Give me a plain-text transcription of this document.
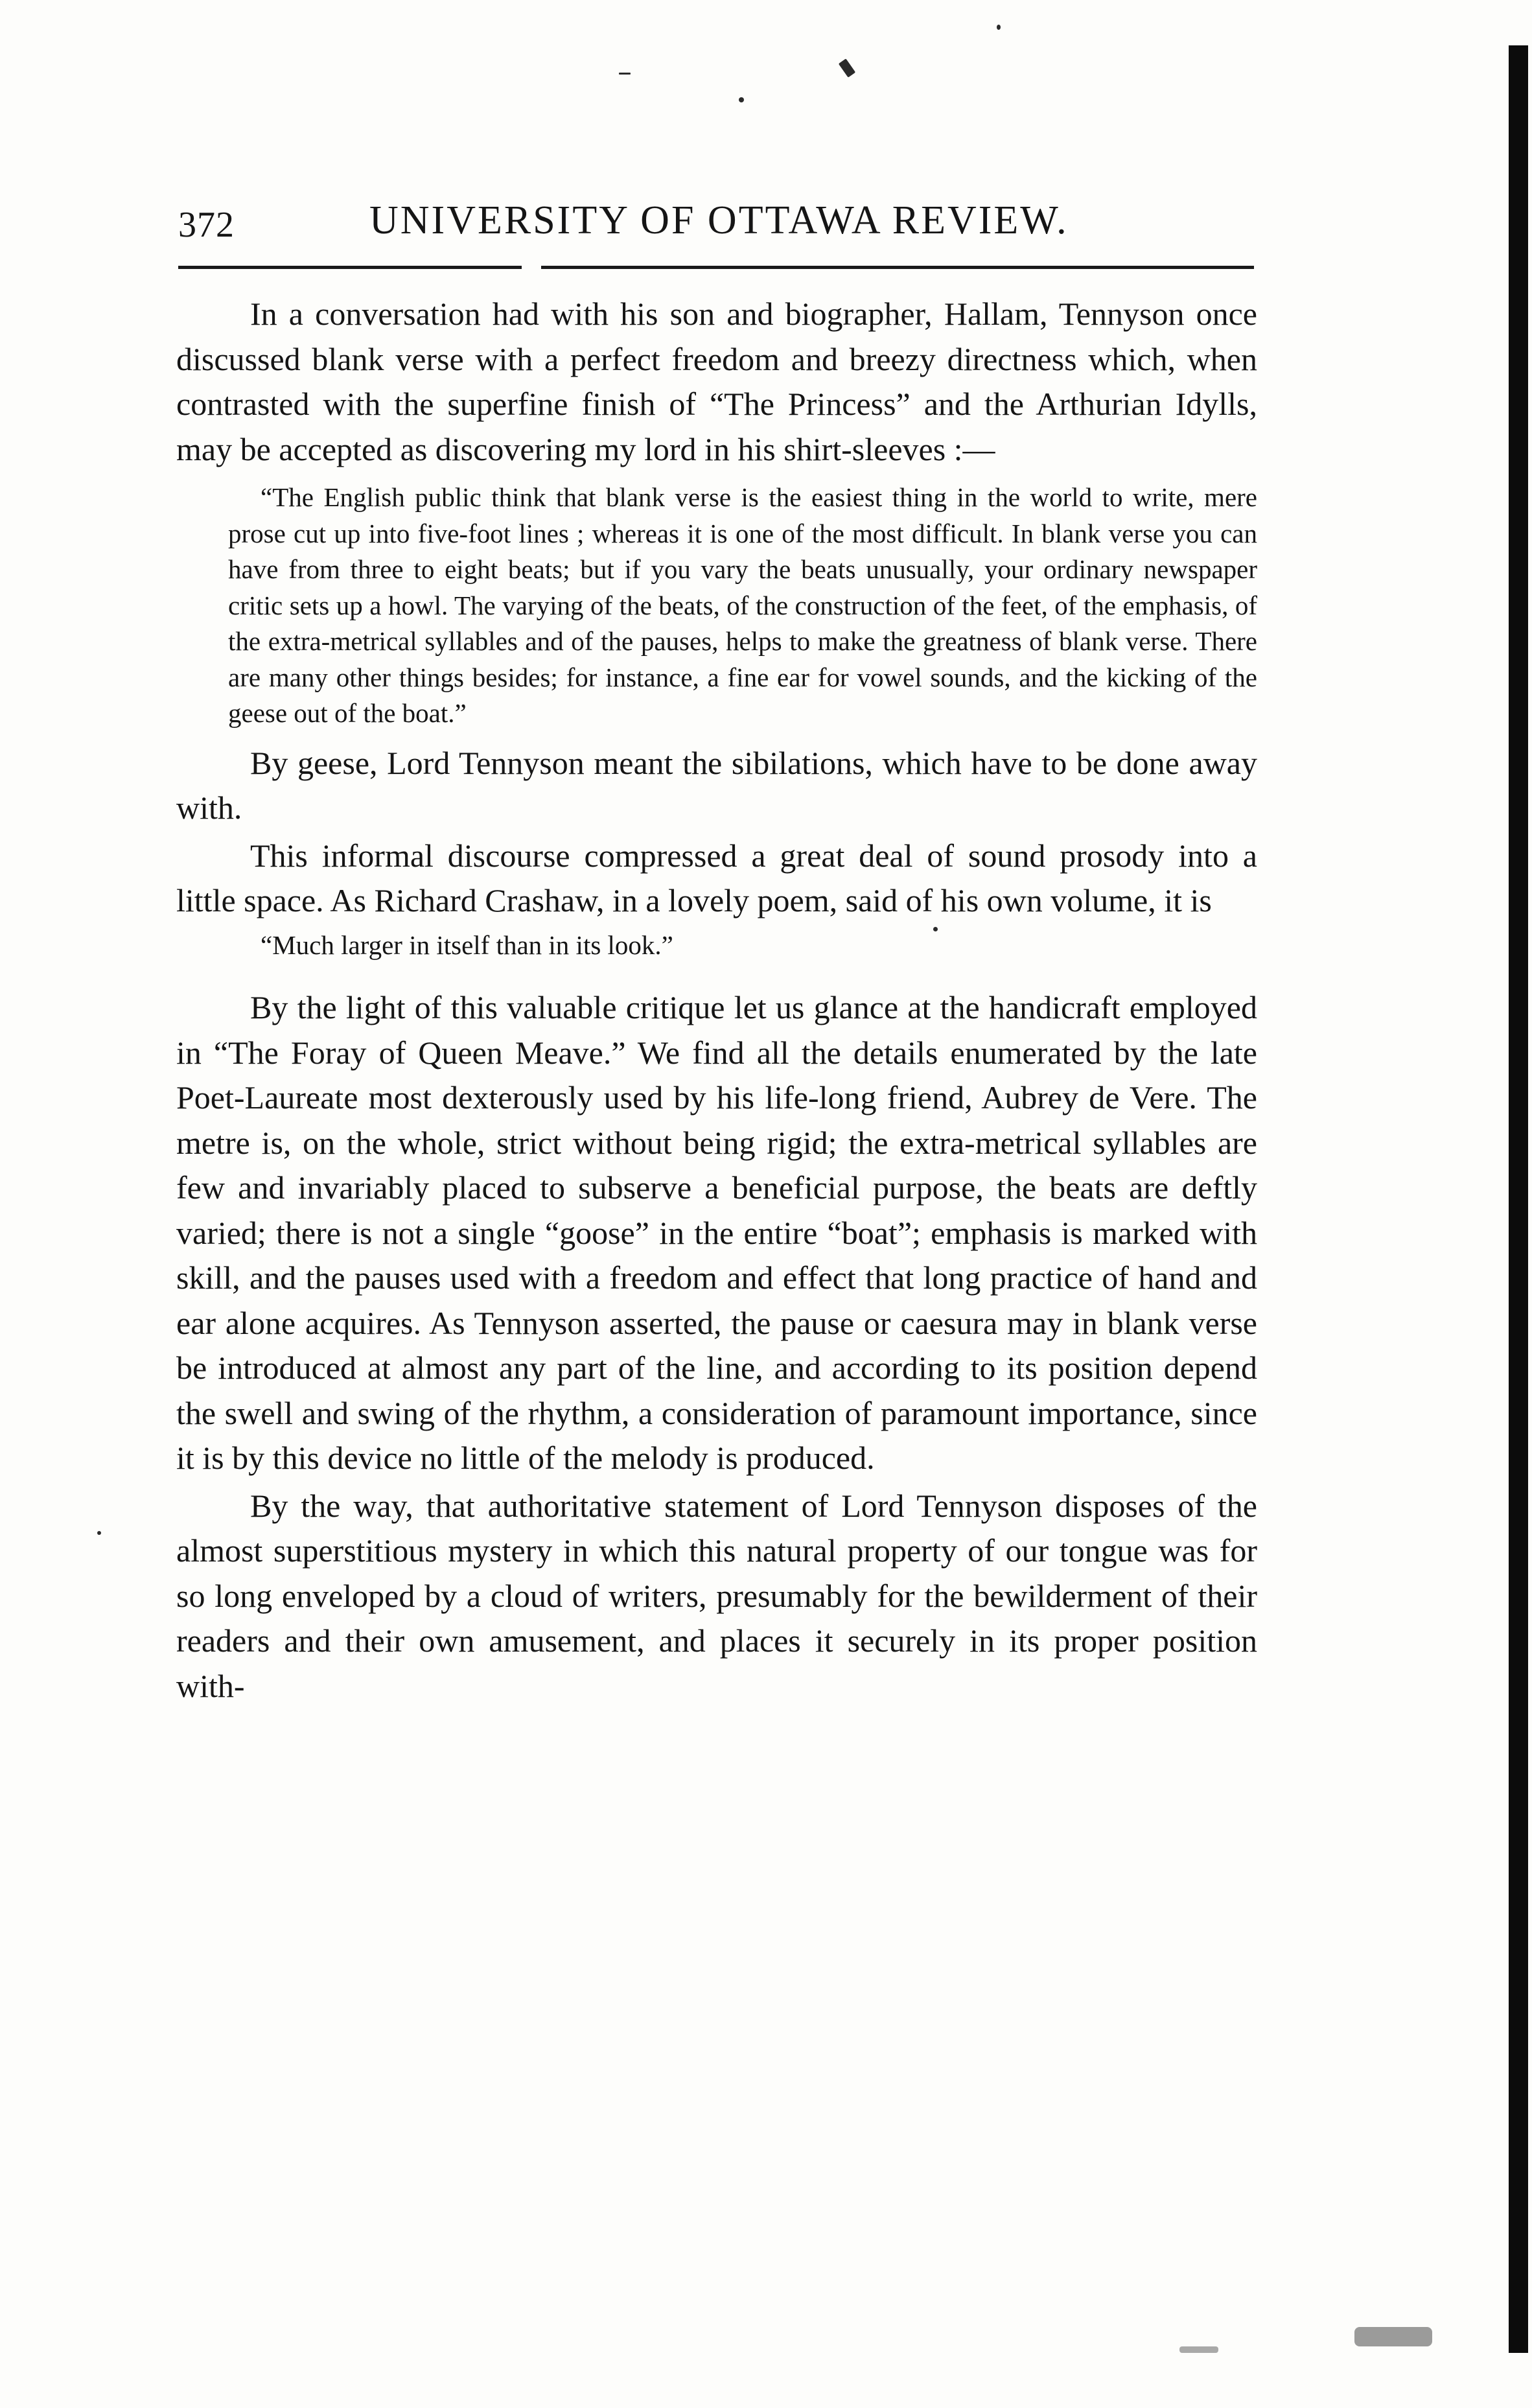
372	UNIVERSITY OF OTTAWA REVIEW.

In a conversation had with his son and biographer, Hallam, Tennyson once discussed blank verse with a perfect freedom and breezy directness which, when contrasted with the superfine finish of “The Princess” and the Arthurian Idylls, may be accepted as discovering my lord in his shirt-sleeves :—

“The English public think that blank verse is the easiest thing in the world to write, mere prose cut up into five-foot lines ; whereas it is one of the most difficult. In blank verse you can have from three to eight beats; but if you vary the beats unusually, your ordinary newspaper critic sets up a howl. The varying of the beats, of the construction of the feet, of the emphasis, of the extra-metrical syllables and of the pauses, helps to make the greatness of blank verse. There are many other things besides; for instance, a fine ear for vowel sounds, and the kicking of the geese out of the boat.”

By geese, Lord Tennyson meant the sibilations, which have to be done away with.

This informal discourse compressed a great deal of sound prosody into a little space. As Richard Crashaw, in a lovely poem, said of his own volume, it is

“Much larger in itself than in its look.”

By the light of this valuable critique let us glance at the handicraft employed in “The Foray of Queen Meave.” We find all the details enumerated by the late Poet-Laureate most dexterously used by his life-long friend, Aubrey de Vere. The metre is, on the whole, strict without being rigid; the extra-metrical syllables are few and invariably placed to subserve a beneficial purpose, the beats are deftly varied; there is not a single “goose” in the entire “boat”; emphasis is marked with skill, and the pauses used with a freedom and effect that long practice of hand and ear alone acquires. As Tennyson asserted, the pause or caesura may in blank verse be introduced at almost any part of the line, and according to its position depend the swell and swing of the rhythm, a consideration of paramount importance, since it is by this device no little of the melody is produced.

By the way, that authoritative statement of Lord Tennyson disposes of the almost superstitious mystery in which this natural property of our tongue was for so long enveloped by a cloud of writers, presumably for the bewilderment of their readers and their own amusement, and places it securely in its proper position with-
